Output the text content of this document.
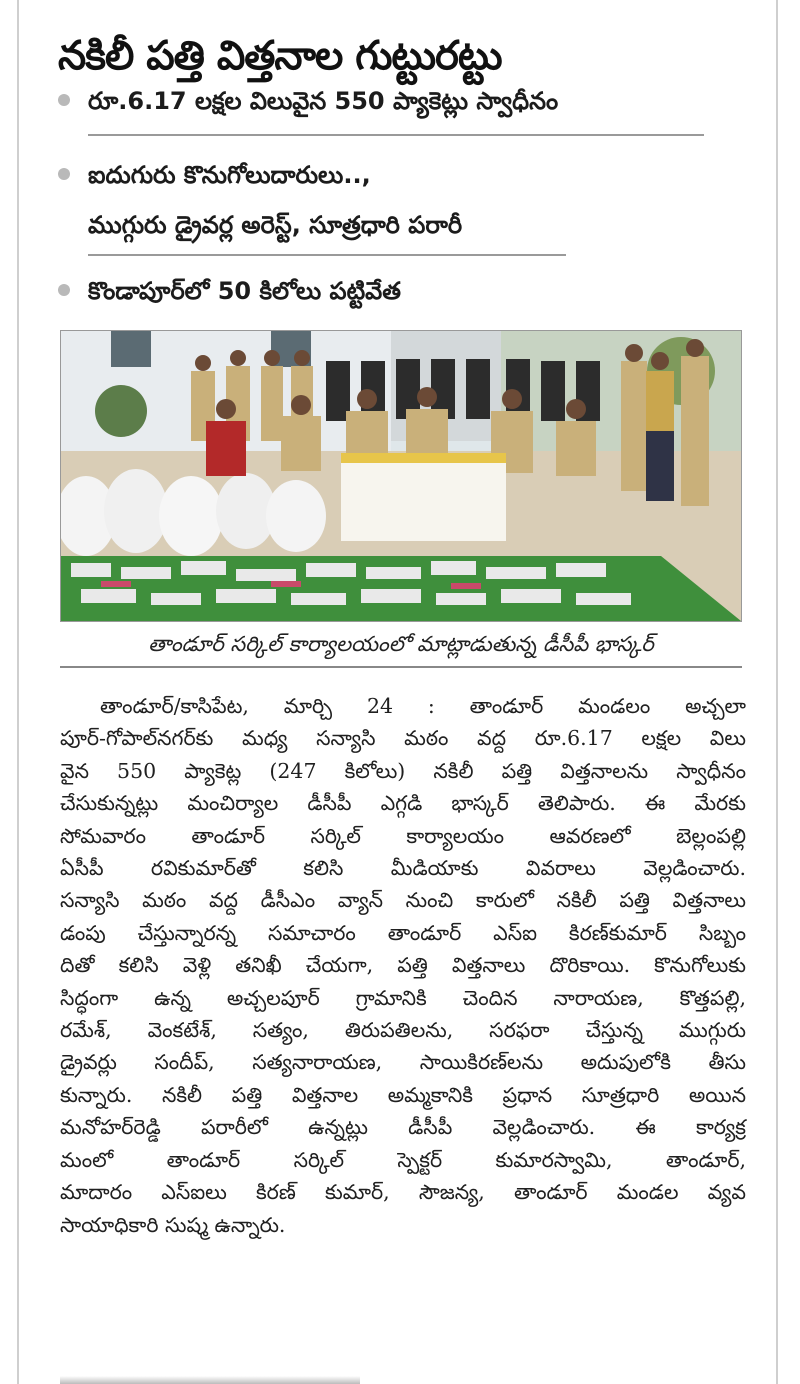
నకిలీ పత్తి విత్తనాల గుట్టురట్టు
రూ.6.17 లక్షల విలువైన 550 ప్యాకెట్లు స్వాధీనం
ఐదుగురు కొనుగోలుదారులు..,
ముగ్గురు డ్రైవర్ల అరెస్ట్, సూత్రధారి పరారీ
కొండాపూర్‌లో 50 కిలోలు పట్టివేత
తాండూర్ సర్కిల్ కార్యాలయంలో మాట్లాడుతున్న డీసీపీ భాస్కర్
తాండూర్/కాసిపేట, మార్చి 24 : తాండూర్ మండలం అచ్చలా
పూర్-గోపాల్‌నగర్‌కు మధ్య సన్యాసి మఠం వద్ద రూ.6.17 లక్షల విలు
వైన 550 ప్యాకెట్ల (247 కిలోలు) నకిలీ పత్తి విత్తనాలను స్వాధీనం
చేసుకున్నట్లు మంచిర్యాల డీసీపీ ఎగ్గడి భాస్కర్ తెలిపారు. ఈ మేరకు
సోమవారం తాండూర్ సర్కిల్ కార్యాలయం ఆవరణలో బెల్లంపల్లి
ఏసీపీ రవికుమార్‌తో కలిసి మీడియాకు వివరాలు వెల్లడించారు.
సన్యాసి మఠం వద్ద డీసీఎం వ్యాన్ నుంచి కారులో నకిలీ పత్తి విత్తనాలు
డంపు చేస్తున్నారన్న సమాచారం తాండూర్ ఎస్ఐ కిరణ్‌కుమార్ సిబ్బం
దితో కలిసి వెళ్లి తనిఖీ చేయగా, పత్తి విత్తనాలు దొరికాయి. కొనుగోలుకు
సిద్ధంగా ఉన్న అచ్చలపూర్ గ్రామానికి చెందిన నారాయణ, కొత్తపల్లి,
రమేశ్, వెంకటేశ్, సత్యం, తిరుపతిలను, సరఫరా చేస్తున్న ముగ్గురు
డ్రైవర్లు సందీప్, సత్యనారాయణ, సాయికిరణ్‌లను అదుపులోకి తీసు
కున్నారు. నకిలీ పత్తి విత్తనాల అమ్మకానికి ప్రధాన సూత్రధారి అయిన
మనోహర్‌రెడ్డి పరారీలో ఉన్నట్లు డీసీపీ వెల్లడించారు. ఈ కార్యక్ర
మంలో తాండూర్ సర్కిల్ స్పెక్టర్ కుమారస్వామి, తాండూర్,
మాదారం ఎస్ఐలు కిరణ్ కుమార్, సౌజన్య, తాండూర్ మండల వ్యవ
సాయాధికారి సుష్మ ఉన్నారు.
